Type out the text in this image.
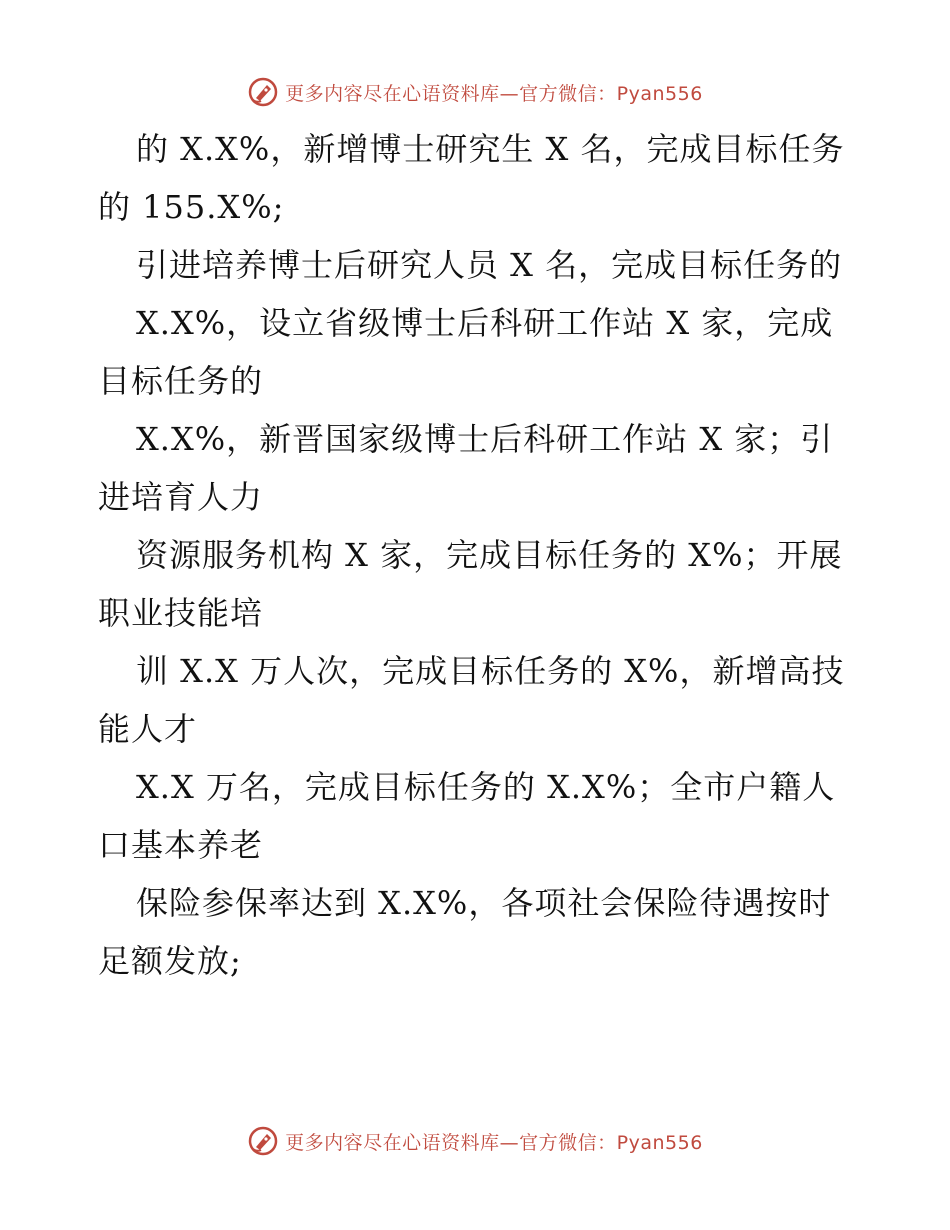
更多内容尽在心语资料库—官方微信：Pyan556

的 X.X%，新增博士研究生 X 名，完成目标任务的 155.X%;

引进培养博士后研究人员 X 名，完成目标任务的

X.X%，设立省级博士后科研工作站 X 家，完成目标任务的

X.X%，新晋国家级博士后科研工作站 X 家；引进培育人力

资源服务机构 X 家，完成目标任务的 X%；开展职业技能培

训 X.X 万人次，完成目标任务的 X%，新增高技能人才

X.X 万名，完成目标任务的 X.X%；全市户籍人口基本养老

保险参保率达到 X.X%，各项社会保险待遇按时足额发放;

更多内容尽在心语资料库—官方微信：Pyan556
